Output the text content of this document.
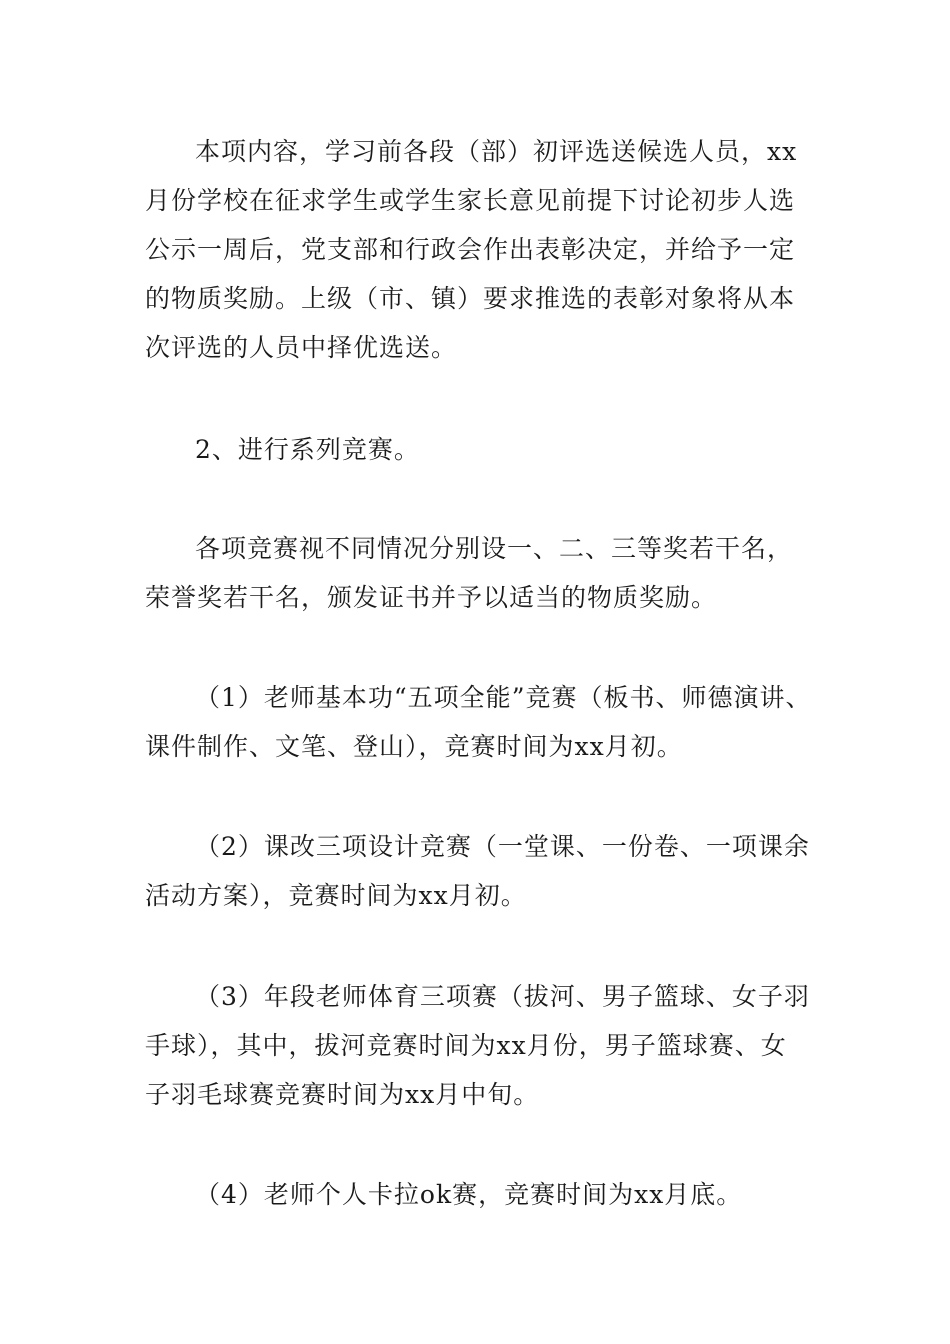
本项内容，学习前各段（部）初评选送候选人员，xx月份学校在征求学生或学生家长意见前提下讨论初步人选公示一周后，党支部和行政会作出表彰决定，并给予一定的物质奖励。上级（市、镇）要求推选的表彰对象将从本次评选的人员中择优选送。

2、进行系列竞赛。

各项竞赛视不同情况分别设一、二、三等奖若干名，荣誉奖若干名，颁发证书并予以适当的物质奖励。

（1）老师基本功“五项全能”竞赛（板书、师德演讲、课件制作、文笔、登山），竞赛时间为xx月初。

（2）课改三项设计竞赛（一堂课、一份卷、一项课余活动方案），竞赛时间为xx月初。

（3）年段老师体育三项赛（拔河、男子篮球、女子羽手球），其中，拔河竞赛时间为xx月份，男子篮球赛、女子羽毛球赛竞赛时间为xx月中旬。

（4）老师个人卡拉ok赛，竞赛时间为xx月底。
